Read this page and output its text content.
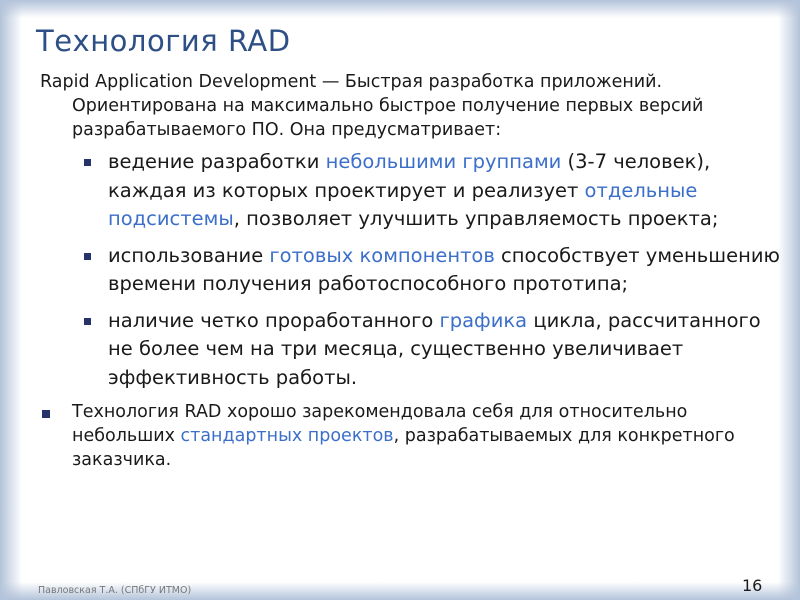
Технология RAD

Rapid Application Development — Быстрая разработка приложений.
Ориентирована на максимально быстрое получение первых версий разрабатываемого ПО. Она предусматривает:

ведение разработки небольшими группами (3-7 человек), каждая из которых проектирует и реализует отдельные подсистемы, позволяет улучшить управляемость проекта;
использование готовых компонентов способствует уменьшению времени получения работоспособного прототипа;
наличие четко проработанного графика цикла, рассчитанного не более чем на три месяца, существенно увеличивает эффективность работы.
Технология RAD хорошо зарекомендовала себя для относительно небольших стандартных проектов, разрабатываемых для конкретного заказчика.
Павловская Т.А. (СПбГУ ИТМО)	16
